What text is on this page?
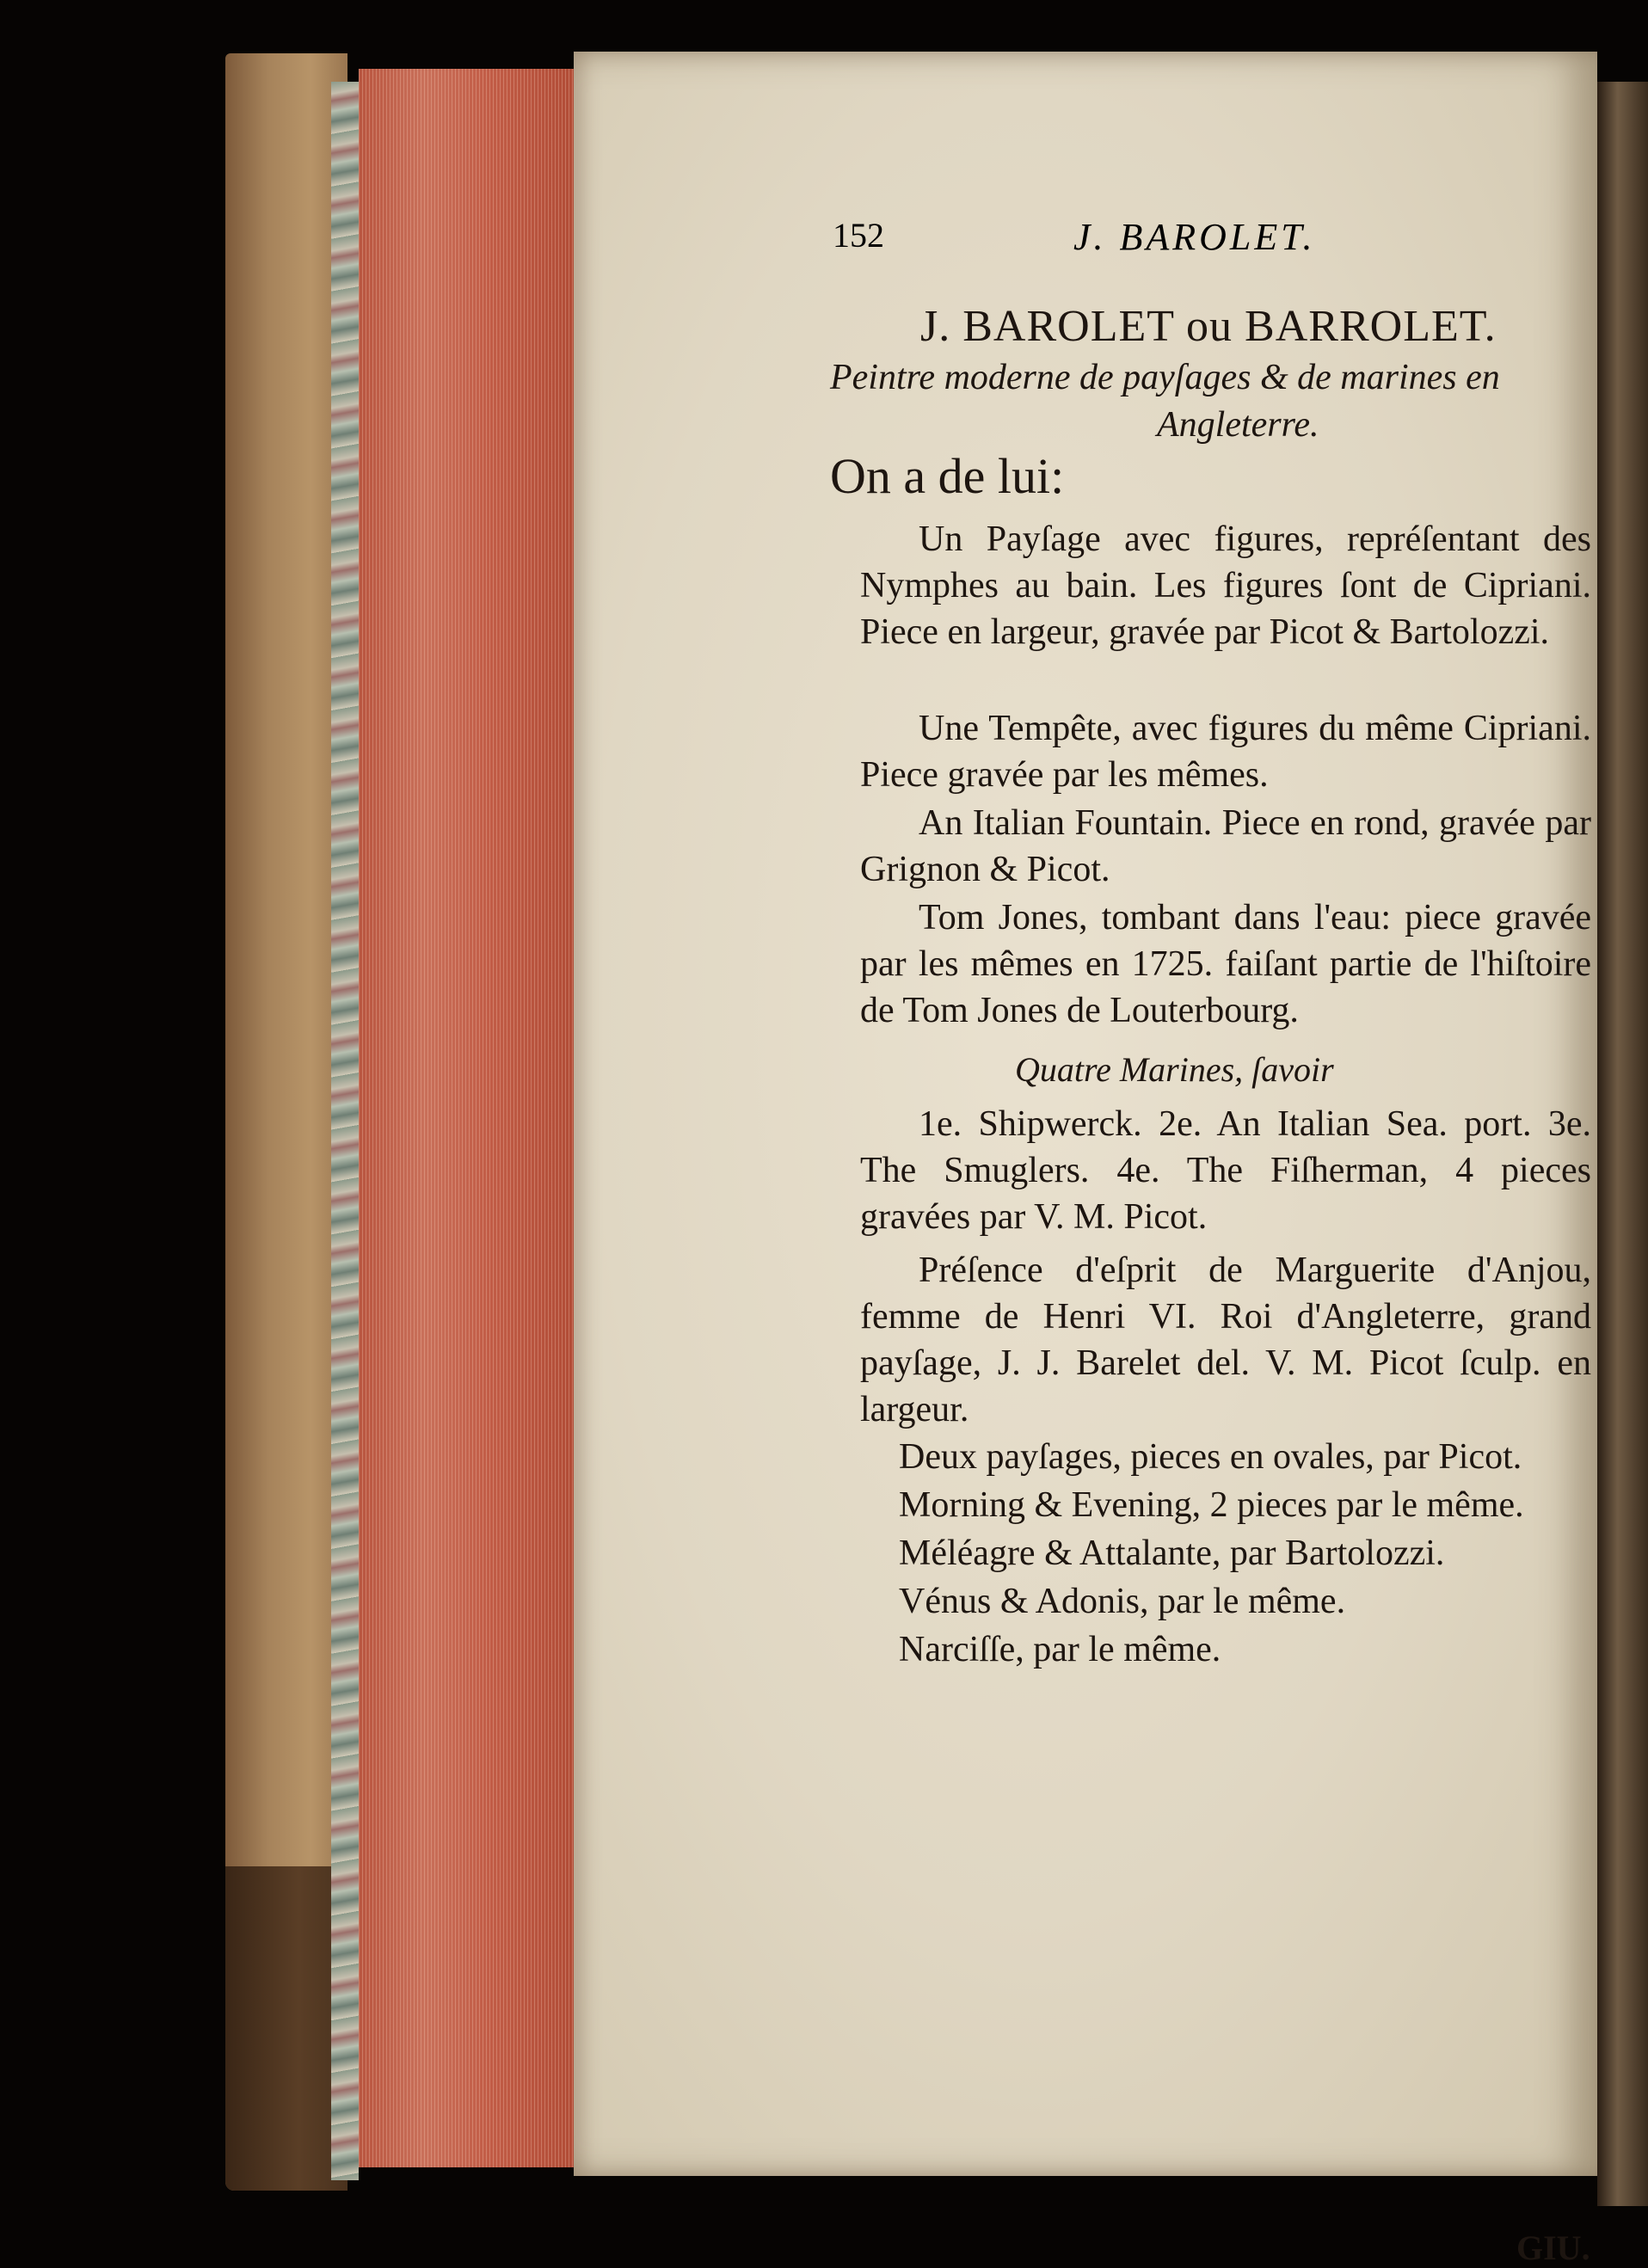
152	J. BAROLET.
J. BAROLET ou BARROLET.
Peintre moderne de payſages & de marines en
Angleterre.
On a de lui:
Un Payſage avec figures, repréſentant des Nymphes au bain. Les figures ſont de Cipriani. Piece en largeur, gravée par Picot & Bartolozzi.
Une Tempête, avec figures du même Cipriani. Piece gravée par les mêmes.
An Italian Fountain. Piece en rond, gravée par Grignon & Picot.
Tom Jones, tombant dans l'eau: piece gravée par les mêmes en 1725. faiſant partie de l'hiſtoire de Tom Jones de Louterbourg.
Quatre Marines, ſavoir
1e. Shipwerck. 2e. An Italian Sea. port. 3e. The Smuglers. 4e. The Fiſherman, 4 pieces gravées par V. M. Picot.
Préſence d'eſprit de Marguerite d'Anjou, femme de Henri VI. Roi d'Angleterre, grand payſage, J. J. Barelet del. V. M. Picot ſculp. en largeur.
Deux payſages, pieces en ovales, par Picot.
Morning & Evening, 2 pieces par le même.
Méléagre & Attalante, par Bartolozzi.
Vénus & Adonis, par le même.
Narciſſe, par le même.
GIU.
